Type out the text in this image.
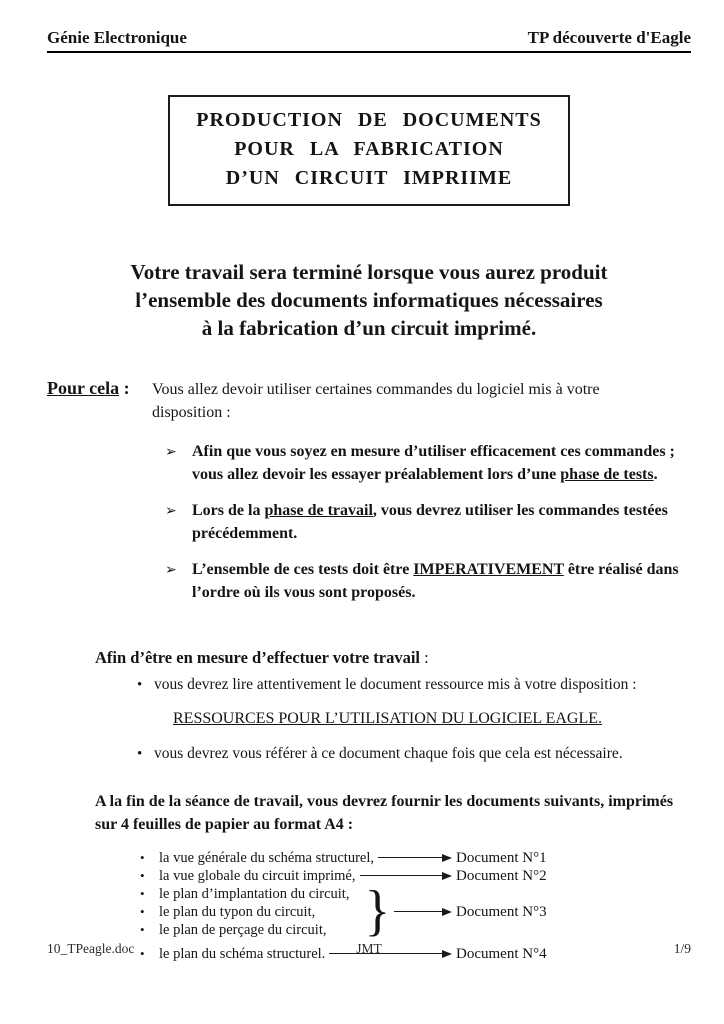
Génie Electronique	TP découverte d'Eagle
PRODUCTION DE DOCUMENTS
POUR LA FABRICATION
D’UN CIRCUIT IMPRIIME
Votre travail sera terminé lorsque vous aurez produit
l’ensemble des documents informatiques nécessaires
à la fabrication d’un circuit imprimé.
Pour cela :	Vous allez devoir utiliser certaines commandes du logiciel mis à votre disposition :
➢ Afin que vous soyez en mesure d’utiliser efficacement ces commandes ; vous allez devoir les essayer préalablement lors d’une phase de tests.
➢ Lors de la phase de travail, vous devrez utiliser les commandes testées précédemment.
➢ L’ensemble de ces tests doit être IMPERATIVEMENT être réalisé dans l’ordre où ils vous sont proposés.
Afin d’être en mesure d’effectuer votre travail :
• vous devrez lire attentivement le document ressource mis à votre disposition :
RESSOURCES POUR L’UTILISATION DU LOGICIEL EAGLE.
• vous devrez vous référer à ce document chaque fois que cela est nécessaire.
A la fin de la séance de travail, vous devrez fournir les documents suivants, imprimés sur 4 feuilles de papier au format A4 :
• la vue générale du schéma structurel,	Document N°1
• la vue globale du circuit imprimé,	Document N°2
• le plan d’implantation du circuit,
• le plan du typon du circuit,	Document N°3
• le plan de perçage du circuit,
• le plan du schéma structurel.	Document N°4
}
10_TPeagle.doc	JMT	1/9
